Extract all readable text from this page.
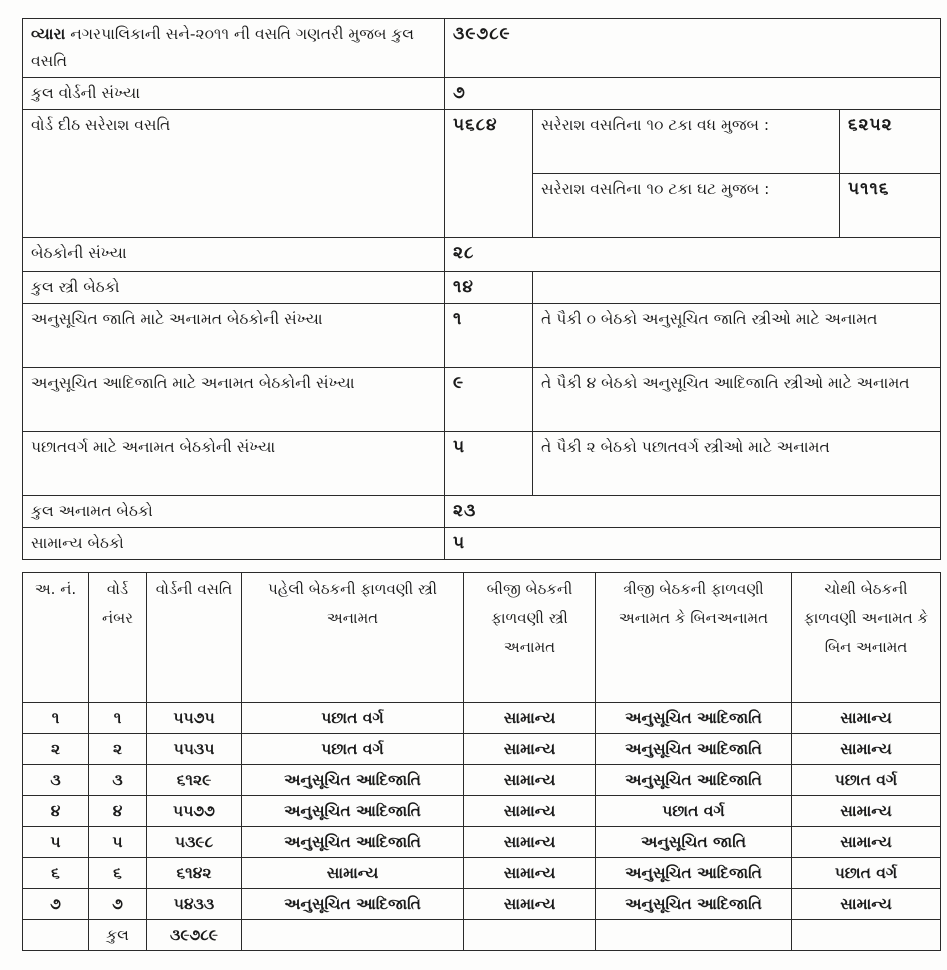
વ્યારા નગરપાલિકાની સને-૨૦૧૧ ની વસતિ ગણતરી મુજબ કુલ વસતિ	૩૯૭૮૯		
કુલ વોર્ડની સંખ્યા	૭		
વોર્ડ દીઠ સરેરાશ વસતિ	૫૬૮૪	સરેરાશ વસતિના ૧૦ ટકા વધ મુજબ :	૬૨૫૨
		સરેરાશ વસતિના ૧૦ ટકા ઘટ મુજબ :	૫૧૧૬
બેઠકોની સંખ્યા	૨૮		
કુલ સ્ત્રી બેઠકો	૧૪		
અનુસૂચિત જાતિ માટે અનામત બેઠકોની સંખ્યા	૧	તે પૈકી ૦ બેઠકો અનુસૂચિત જાતિ સ્ત્રીઓ માટે અનામત	
અનુસૂચિત આદિજાતિ માટે અનામત બેઠકોની સંખ્યા	૯	તે પૈકી ૪ બેઠકો અનુસૂચિત આદિજાતિ સ્ત્રીઓ માટે અનામત	
પછાતવર્ગ માટે અનામત બેઠકોની સંખ્યા	૫	તે પૈકી ૨ બેઠકો પછાતવર્ગ સ્ત્રીઓ માટે અનામત	
કુલ અનામત બેઠકો	૨૩		
સામાન્ય બેઠકો	૫		
અ. નં.	વોર્ડ નંબર	વોર્ડની વસતિ	પહેલી બેઠકની ફાળવણી સ્ત્રી અનામત	બીજી બેઠકની ફાળવણી સ્ત્રી અનામત	ત્રીજી બેઠકની ફાળવણી અનામત કે બિનઅનામત	ચોથી બેઠકની ફાળવણી અનામત કે બિન અનામત
૧	૧	૫૫૭૫	પછાત વર્ગ	સામાન્ય	અનુસૂચિત આદિજાતિ	સામાન્ય
૨	૨	૫૫૩૫	પછાત વર્ગ	સામાન્ય	અનુસૂચિત આદિજાતિ	સામાન્ય
૩	૩	૬૧૨૯	અનુસૂચિત આદિજાતિ	સામાન્ય	અનુસૂચિત આદિજાતિ	પછાત વર્ગ
૪	૪	૫૫૭૭	અનુસૂચિત આદિજાતિ	સામાન્ય	પછાત વર્ગ	સામાન્ય
૫	૫	૫૩૯૮	અનુસૂચિત આદિજાતિ	સામાન્ય	અનુસૂચિત જાતિ	સામાન્ય
૬	૬	૬૧૪૨	સામાન્ય	સામાન્ય	અનુસૂચિત આદિજાતિ	પછાત વર્ગ
૭	૭	૫૪૩૩	અનુસૂચિત આદિજાતિ	સામાન્ય	અનુસૂચિત આદિજાતિ	સામાન્ય
	કુલ	૩૯૭૮૯				
